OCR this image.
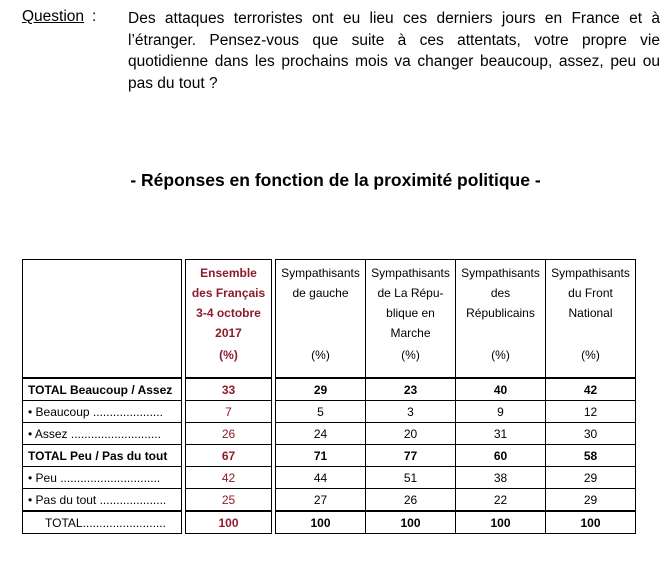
Question : Des attaques terroristes ont eu lieu ces derniers jours en France et à l’étranger. Pensez-vous que suite à ces attentats, votre propre vie quotidienne dans les prochains mois va changer beaucoup, assez, peu ou pas du tout ?
- Réponses en fonction de la proximité politique -

		Ensemble
des Français
3-4 octobre
2017
(%)		Sympathisants
de gauche
(%)	Sympathisants
de La Répu-
blique en
Marche
(%)	Sympathisants
des
Républicains
(%)	Sympathisants
du Front
National
(%)

TOTAL Beaucoup / Assez		33		29	23	40	42
• Beaucoup .....................		7		5	3	9	12
• Assez ...........................		26		24	20	31	30
TOTAL Peu / Pas du tout		67		71	77	60	58
• Peu ..............................		42		44	51	38	29
• Pas du tout ....................		25		27	26	22	29
TOTAL.........................		100		100	100	100	100
